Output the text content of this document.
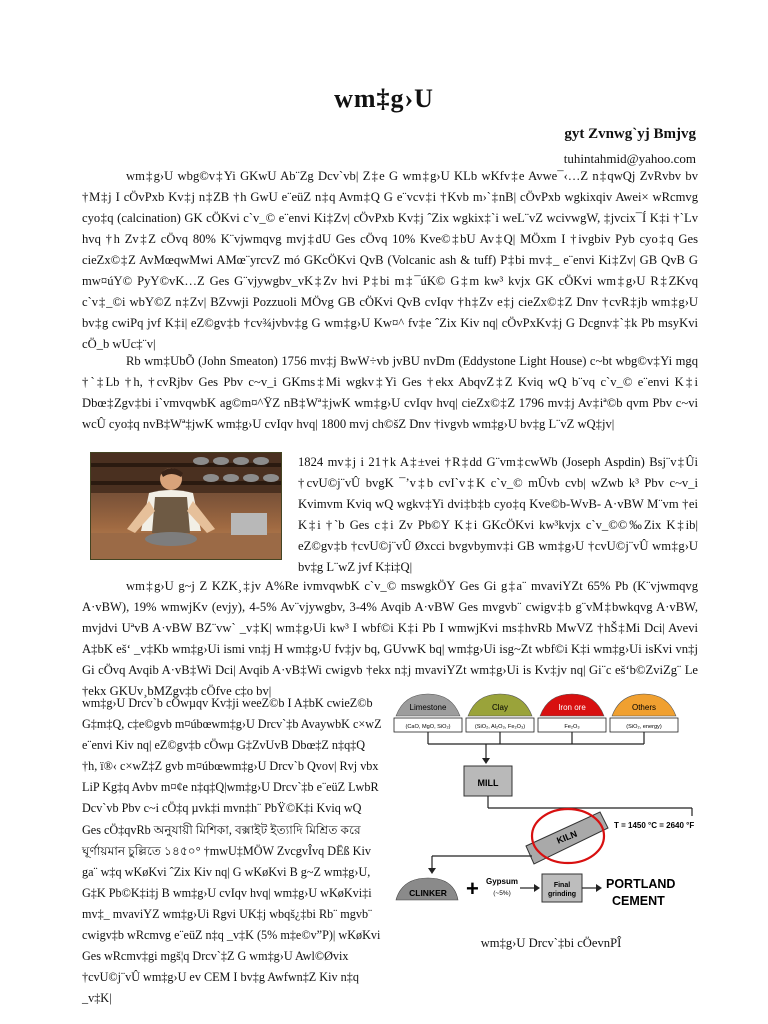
wm‡g›U
gyt Zvnwg`yj Bmjvg
tuhintahmid@yahoo.com

wm‡g›U wbg©v‡Yi GKwU Ab¨Zg Dcv`vb| Z‡e G wm‡g›U KLb wKfv‡e Avwe¯‹…Z n‡qwQj ZvRvbv bv †M‡j I cÖvPxb Kv‡j n‡ZB †h GwU e¨eüZ n‡q Avm‡Q G e¨vcv‡i †Kvb m›`‡nB| cÖvPxb wgkixqiv Awei× wRcmvg cyo‡q (calcination) GK cÖKvi c`v_© e¨envi Ki‡Zv| cÖvPxb Kv‡j ˆZix wgkix‡`i weL¨vZ wcivwgW, ‡jvcix¯Í K‡i †`Lv hvq †h Zv‡Z cÖvq 80% K¨vjwmqvg mvj‡dU Ges cÖvq 10% Kve©‡bU Av‡Q| MÖxm I †ivgbiv Pyb cyo‡q Ges cieZx©‡Z AvMœqwMwi AMœ¨yrcvZ mó GKcÖKvi QvB (Volcanic ash & tuff) P‡bi mv‡_ e¨envi Ki‡Zv| GB QvB G mw¤úY© PyY©vK…Z Ges G¨vjywgbv_vK‡Zv hvi P‡bi m‡¯úK© G‡m kw³ kvjx GK cÖKvi wm‡g›U R‡ZKvq c`v‡_©i wbY©Z n‡Zv| BZvwji Pozzuoli MÖvg GB cÖKvi QvB cvIqv †h‡Zv e‡j cieZx©‡Z Dnv †cvR‡jb wm‡g›U bv‡g cwiPq jvf K‡i| eZ©gv‡b †cv¾jvbv‡g G wm‡g›U Kw¤^ fv‡e ˆZix Kiv nq| cÖvPxKv‡j G Dcgnv‡`‡k Pb msyKvi cÖ_b wUc‡¨v|

Rb wm‡UbÕ (John Smeaton) 1756 mv‡j BwW÷vb jvBU nvDm (Eddystone Light House) c~bt wbg©v‡Yi mgq †`‡Lb †h, †cvRjbv Ges Pbv c~v_i GKms‡Mi wgkv‡Yi Ges †ekx AbqvZ‡Z Kviq wQ b¨vq c`v_© e¨envi K‡i Dbœ‡Zgv‡bi i`vmvqwbK ag©m¤^ŸZ nB‡Wª‡jwK wm‡g›U cvIqv hvq| cieZx©‡Z 1796 mv‡j Av‡iª©b qvm Pbv c~vi wcÛ cyo‡q nvB‡Wª‡jwK wm‡g›U cvIqv hvq| 1800 mvj ch©šZ Dnv †ivgvb wm‡g›U bv‡g L¨vZ wQ‡jv|

1824 mv‡j i 21†k A‡±vei †R‡dd G¨vm‡cwWb (Joseph Aspdin) Bsj¨v‡Ûi †cvU©j¨vÛ bvgK ¯’v‡b cvI`v‡K c`v_© mÛvb cvb| wZwb k³ Pbv c~v_i Kvimvm Kviq wQ wgkv‡Yi dvi‡b‡b cyo‡q Kve©b-WvB- A·vBW M¨vm †ei K‡i †`b Ges c‡i Zv Pb©Y K‡i GKcÖKvi kw³kvjx c`v_©©‰Zix K‡ib| eZ©gv‡b †cvU©j¨vÛ Øxcci bvgvbymv‡i GB wm‡g›U †cvU©j¨vÛ wm‡g›U bv‡g L¨wZ jvf K‡i‡Q|

wm‡g›U g~j Z KZK¸‡jv A%Re ivmvqwbK c`v_© mswgkÖY Ges Gi g‡a¨ mvaviYZt 65% Pb (K¨vjwmqvg A·vBW), 19% wmwjKv (evjy), 4-5% Av¨vjywgbv, 3-4% Avqib A·vBW Ges mvgvb¨ cwigv‡b g¨vM‡bwkqvg A·vBW, mvjdvi UªvB A·vBW BZ¨vw` _v‡K| wm‡g›Ui kw³ I wbf©i K‡i Pb I wmwjKvi ms‡hvRb MwVZ †hŠ‡Mi Dci| Avevi A‡bK eš‘ _v‡Kb wm‡g›Ui ismi vn‡j H wm‡g›U fv‡jv bq, GUvwK bq| wm‡g›Ui isg~Zt wbf©i K‡i wm‡g›Ui isKvi vn‡j Gi cÖvq Avqib A·vB‡Wi Dci| Avqib A·vB‡Wi cwigvb †ekx n‡j mvaviYZt wm‡g›Ui is Kv‡jv nq| Gi¨c eš‘b©ZviZg¨ Le †ekx GKUv¸bMZgv‡b cÖfve c‡o bv|

wm‡g›U Drcv`b cÖwµqv Kv‡ji weeZ©b I A‡bK cwieZ©b G‡m‡Q, c‡e©gvb m¤úbœwm‡g›U Drcv`‡b AvaywbK c×wZ e¨envi Kiv nq| eZ©gv‡b cÖwµ G‡ZvUvB Dbœ‡Z n‡q‡Q †h, ï®‹ c×wZ‡Z gvb m¤úbœwm‡g›U Drcv`b Qvov| Rvj vbx LiP Kg‡q Avbv m¤¢e n‡q‡Q|wm‡g›U Drcv`‡b e¨eüZ LwbR Dcv`vb Pbv c~i cÖ‡q µvk‡i mvn‡h¨ PbŸ©K‡i Kviq wQ Ges cÖ‡qvRb অনুযায়ী মিশিকা, বক্সাইট ইত্যাদি মিশ্রিত করে ঘূর্ণায়মান চুল্লিতে ১৪৫০° †mwU‡MÖW ZvcgvÎvq DËß Kiv ga¨ w‡q wKøKvi ˆZix Kiv nq| G wKøKvi B g~Z wm‡g›U, G‡K Pb©K‡i‡j B wm‡g›U cvIqv hvq| wm‡g›U wKøKvi‡i mv‡_ mvaviYZ wm‡g›Ui Rgvi UK‡j wbqš¿‡bi Rb¨ mgvb¨ cwigv‡b wRcmvg e¨eüZ n‡q _v‡K (5% m‡e©v”P)| wKøKvi Ges wRcmv‡gi mgš¦q Drcv`‡Z G wm‡g›U Awl©Øvix †cvU©j¨vÛ wm‡g›U ev CEM I bv‡g Awfwn‡Z Kiv n‡q _v‡K|

Limestone
(CaO, MgO, SiO₂)
Clay
(SiO₂, Al₂O₃, Fe₂O₃)
Iron ore
Fe₂O₃
Others
(SiO₂, energy)
MILL
KILN
T = 1450 °C = 2640 °F
CLINKER + Gypsum
(~5%)
Final grinding
PORTLAND CEMENT
wm‡g›U Drcv`‡bi cÖevnPÎ
